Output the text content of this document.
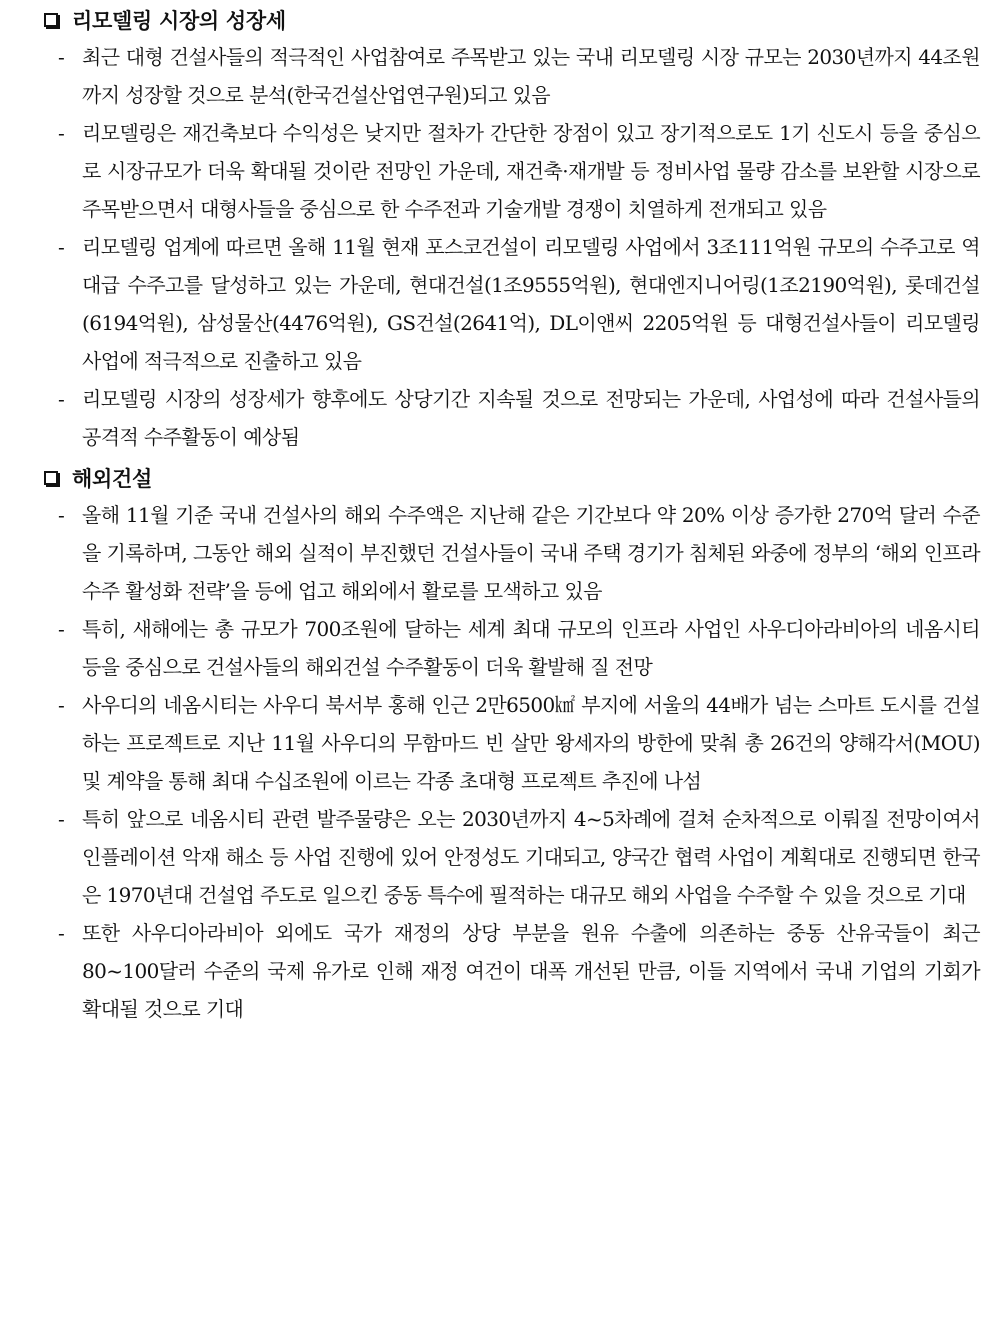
리모델링 시장의 성장세
- 최근 대형 건설사들의 적극적인 사업참여로 주목받고 있는 국내 리모델링 시장 규모는 2030년까지 44조원까지 성장할 것으로 분석(한국건설산업연구원)되고 있음
- 리모델링은 재건축보다 수익성은 낮지만 절차가 간단한 장점이 있고 장기적으로도 1기 신도시 등을 중심으로 시장규모가 더욱 확대될 것이란 전망인 가운데, 재건축·재개발 등 정비사업 물량 감소를 보완할 시장으로 주목받으면서 대형사들을 중심으로 한 수주전과 기술개발 경쟁이 치열하게 전개되고 있음
- 리모델링 업계에 따르면 올해 11월 현재 포스코건설이 리모델링 사업에서 3조111억원 규모의 수주고로 역대급 수주고를 달성하고 있는 가운데, 현대건설(1조9555억원), 현대엔지니어링(1조2190억원), 롯데건설(6194억원), 삼성물산(4476억원), GS건설(2641억), DL이앤씨 2205억원 등 대형건설사들이 리모델링 사업에 적극적으로 진출하고 있음
- 리모델링 시장의 성장세가 향후에도 상당기간 지속될 것으로 전망되는 가운데, 사업성에 따라 건설사들의 공격적 수주활동이 예상됨
해외건설
- 올해 11월 기준 국내 건설사의 해외 수주액은 지난해 같은 기간보다 약 20% 이상 증가한 270억 달러 수준을 기록하며, 그동안 해외 실적이 부진했던 건설사들이 국내 주택 경기가 침체된 와중에 정부의 ‘해외 인프라 수주 활성화 전략’을 등에 업고 해외에서 활로를 모색하고 있음
- 특히, 새해에는 총 규모가 700조원에 달하는 세계 최대 규모의 인프라 사업인 사우디아라비아의 네옴시티 등을 중심으로 건설사들의 해외건설 수주활동이 더욱 활발해 질 전망
- 사우디의 네옴시티는 사우디 북서부 홍해 인근 2만6500㎢ 부지에 서울의 44배가 넘는 스마트 도시를 건설하는 프로젝트로 지난 11월 사우디의 무함마드 빈 살만 왕세자의 방한에 맞춰 총 26건의 양해각서(MOU) 및 계약을 통해 최대 수십조원에 이르는 각종 초대형 프로젝트 추진에 나섬
- 특히 앞으로 네옴시티 관련 발주물량은 오는 2030년까지 4~5차례에 걸쳐 순차적으로 이뤄질 전망이여서 인플레이션 악재 해소 등 사업 진행에 있어 안정성도 기대되고, 양국간 협력 사업이 계획대로 진행되면 한국은 1970년대 건설업 주도로 일으킨 중동 특수에 필적하는 대규모 해외 사업을 수주할 수 있을 것으로 기대
- 또한 사우디아라비아 외에도 국가 재정의 상당 부분을 원유 수출에 의존하는 중동 산유국들이 최근 80~100달러 수준의 국제 유가로 인해 재정 여건이 대폭 개선된 만큼, 이들 지역에서 국내 기업의 기회가 확대될 것으로 기대
